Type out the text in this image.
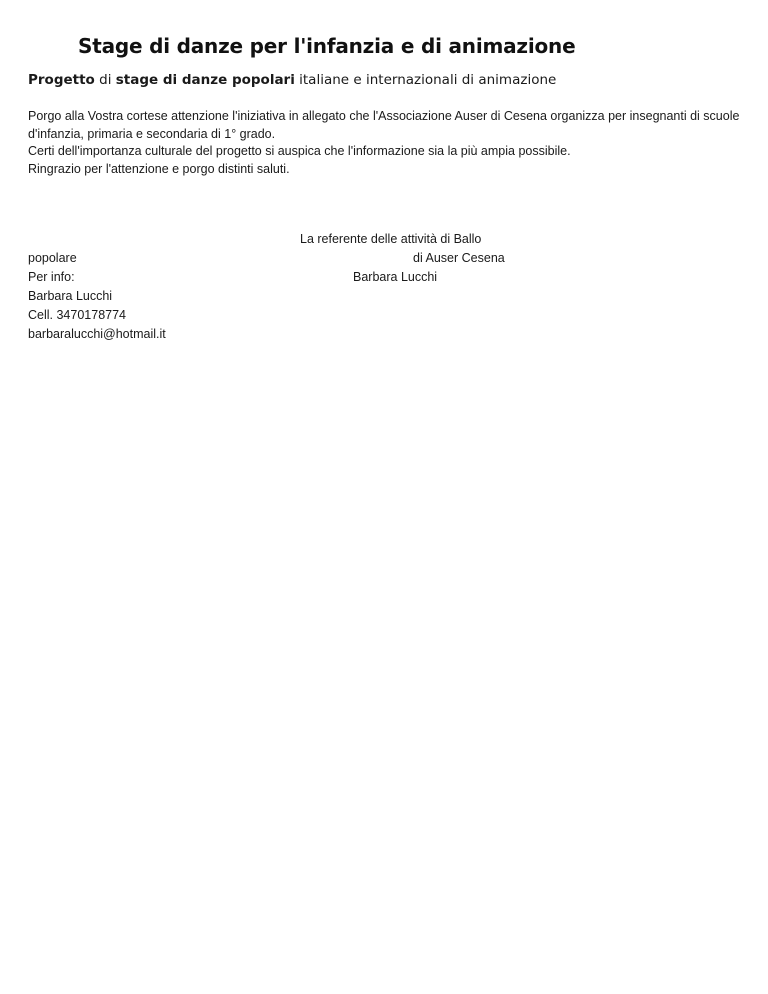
Stage di danze per l'infanzia e di animazione

Progetto di stage di danze popolari italiane e internazionali di animazione

Porgo alla Vostra cortese attenzione l'iniziativa in allegato che l'Associazione Auser di Cesena organizza per insegnanti di scuole d'infanzia, primaria e secondaria di 1° grado.

Certi dell'importanza culturale del progetto si auspica che l'informazione sia la più ampia possibile.

Ringrazio per l'attenzione e porgo distinti saluti.

La referente delle attività di Ballo
popolare	di Auser Cesena
Barbara Lucchi
Per info:
Barbara Lucchi
Cell. 3470178774
barbaralucchi@hotmail.it
